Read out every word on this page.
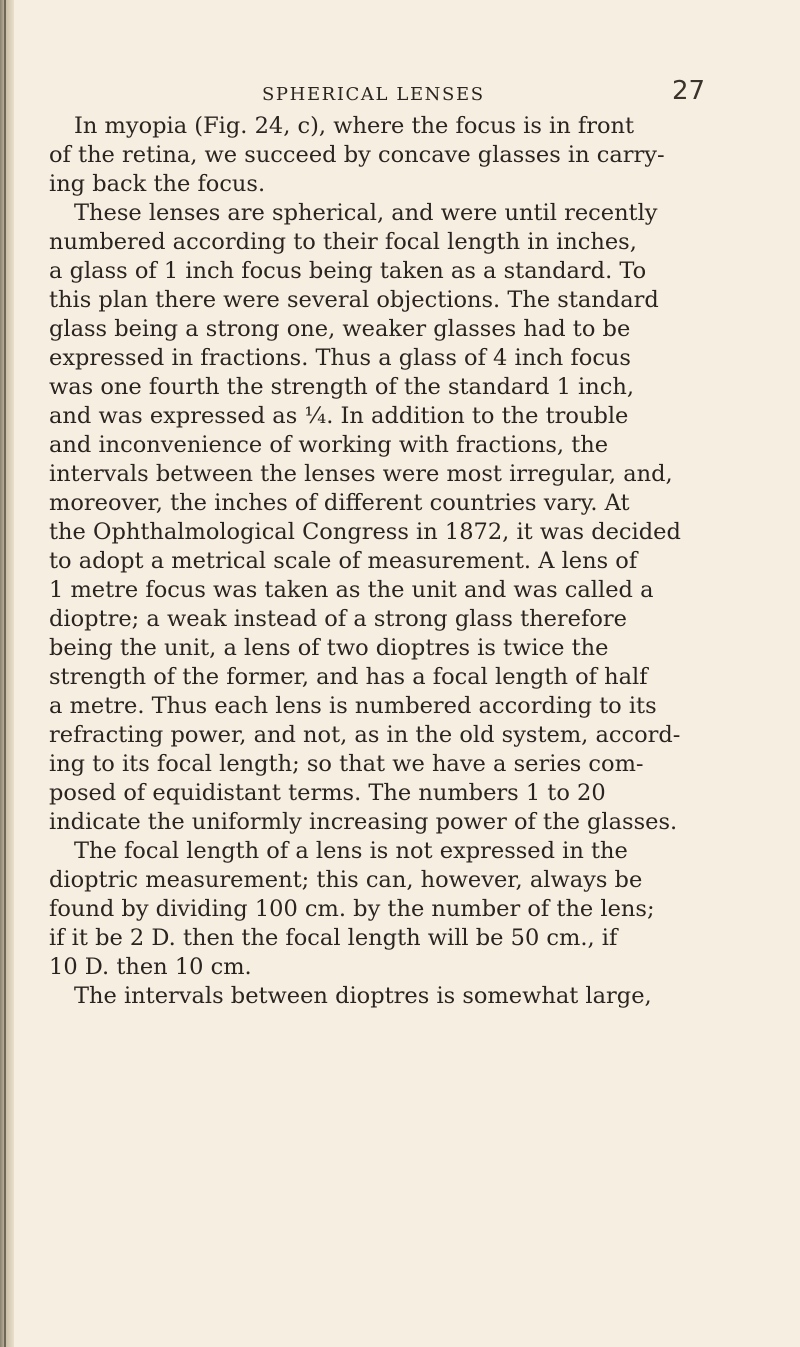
SPHERICAL LENSES	27
In myopia (Fig. 24, c), where the focus is in front
of the retina, we succeed by concave glasses in carry-
ing back the focus.
These lenses are spherical, and were until recently
numbered according to their focal length in inches,
a glass of 1 inch focus being taken as a standard. To
this plan there were several objections. The standard
glass being a strong one, weaker glasses had to be
expressed in fractions. Thus a glass of 4 inch focus
was one fourth the strength of the standard 1 inch,
and was expressed as ¼. In addition to the trouble
and inconvenience of working with fractions, the
intervals between the lenses were most irregular, and,
moreover, the inches of different countries vary. At
the Ophthalmological Congress in 1872, it was decided
to adopt a metrical scale of measurement. A lens of
1 metre focus was taken as the unit and was called a
dioptre; a weak instead of a strong glass therefore
being the unit, a lens of two dioptres is twice the
strength of the former, and has a focal length of half
a metre. Thus each lens is numbered according to its
refracting power, and not, as in the old system, accord-
ing to its focal length; so that we have a series com-
posed of equidistant terms. The numbers 1 to 20
indicate the uniformly increasing power of the glasses.
The focal length of a lens is not expressed in the
dioptric measurement; this can, however, always be
found by dividing 100 cm. by the number of the lens;
if it be 2 D. then the focal length will be 50 cm., if
10 D. then 10 cm.
The intervals between dioptres is somewhat large,
